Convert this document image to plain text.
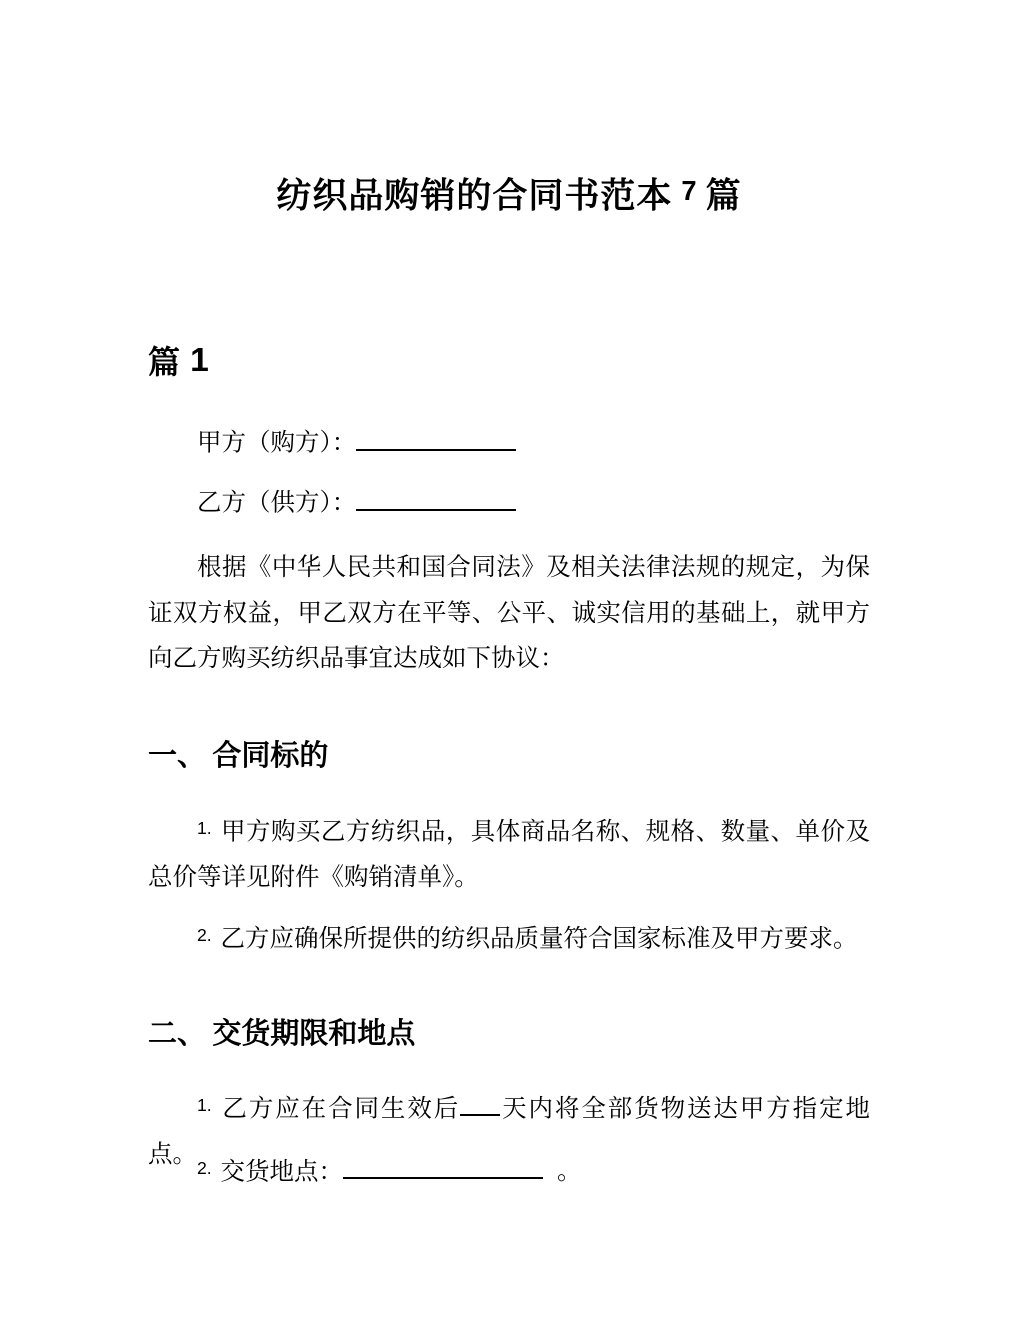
纺织品购销的合同书范本 $^7$ 篇
篇 1
甲方（购方）：
乙方（供方）：

根据《中华人民共和国合同法》及相关法律法规的规定，为保证双方权益，甲乙双方在平等、公平、诚实信用的基础上，就甲方向乙方购买纺织品事宜达成如下协议：

一、 合同标的

$^{1.}$ 甲方购买乙方纺织品，具体商品名称、规格、数量、单价及总价等详见附件《购销清单》。

$^{2.}$ 乙方应确保所提供的纺织品质量符合国家标准及甲方要求。

二、 交货期限和地点

$^{1.}$ 乙方应在合同生效后 天内将全部货物送达甲方指定地点。

$^{2.}$ 交货地点：	。
